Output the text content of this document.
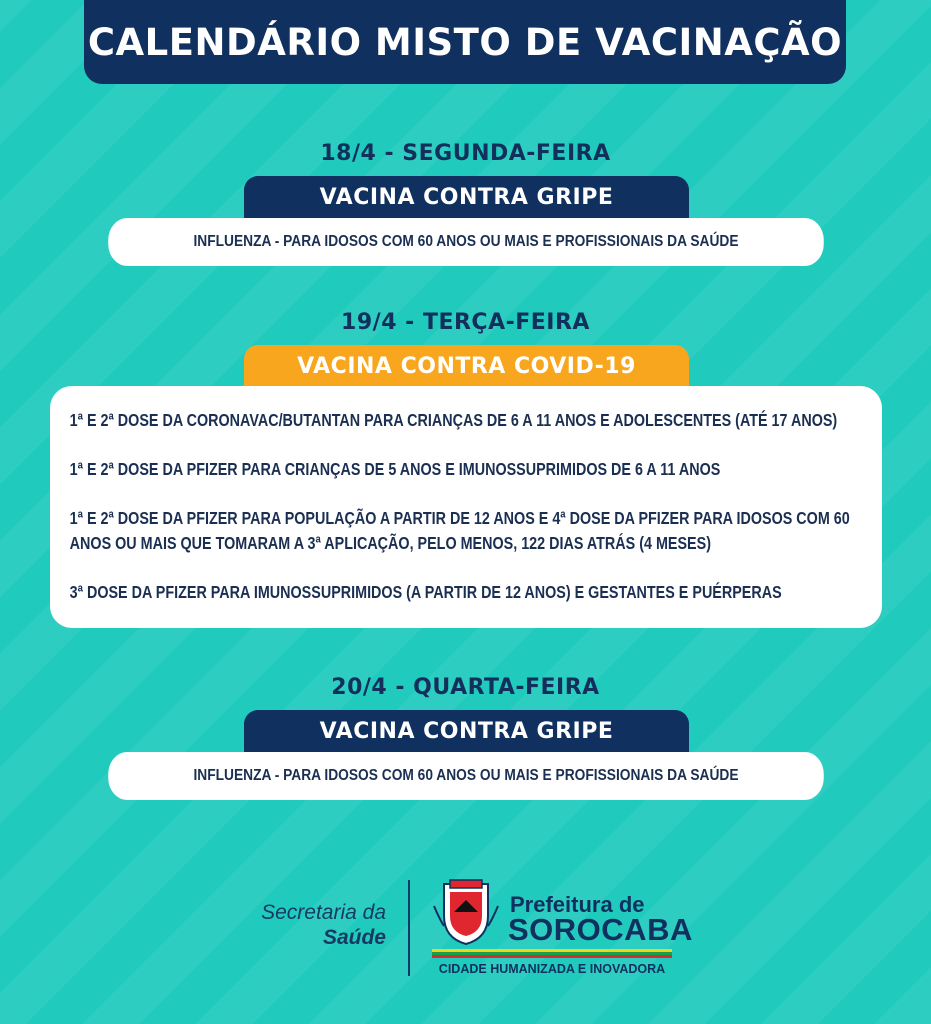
CALENDÁRIO MISTO DE VACINAÇÃO
18/4 - SEGUNDA-FEIRA
VACINA CONTRA GRIPE
INFLUENZA - PARA IDOSOS COM 60 ANOS OU MAIS E PROFISSIONAIS DA SAÚDE
19/4 - TERÇA-FEIRA
VACINA CONTRA COVID-19

1ª E 2ª DOSE DA CORONAVAC/BUTANTAN PARA CRIANÇAS DE 6 A 11 ANOS E ADOLESCENTES (ATÉ 17 ANOS)

1ª E 2ª DOSE DA PFIZER PARA CRIANÇAS DE 5 ANOS E IMUNOSSUPRIMIDOS DE 6 A 11 ANOS

1ª E 2ª DOSE DA PFIZER PARA POPULAÇÃO A PARTIR DE 12 ANOS E 4ª DOSE DA PFIZER PARA IDOSOS COM 60 ANOS OU MAIS QUE TOMARAM A 3ª APLICAÇÃO, PELO MENOS, 122 DIAS ATRÁS (4 MESES)

3ª DOSE DA PFIZER PARA IMUNOSSUPRIMIDOS (A PARTIR DE 12 ANOS) E GESTANTES E PUÉRPERAS

20/4 - QUARTA-FEIRA
VACINA CONTRA GRIPE
INFLUENZA - PARA IDOSOS COM 60 ANOS OU MAIS E PROFISSIONAIS DA SAÚDE
Secretaria da
Saúde
Prefeitura de
SOROCABA
CIDADE HUMANIZADA E INOVADORA
